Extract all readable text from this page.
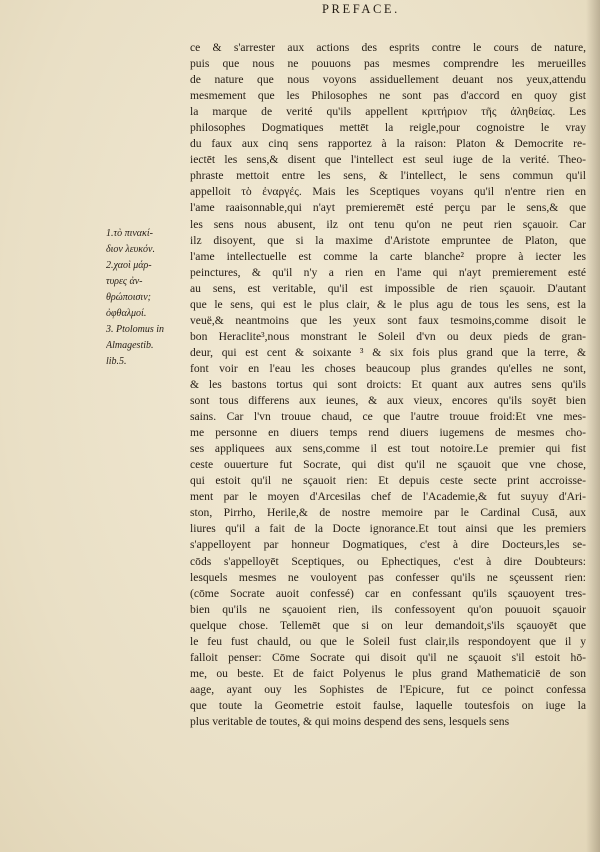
PREFACE.
ce & s'arrester aux actions des esprits contre le cours de nature,
puis que nous ne pouuons pas mesmes comprendre les merueilles
de nature que nous voyons assiduellement deuant nos yeux,attendu
mesmement que les Philosophes ne sont pas d'accord en quoy gist
la marque de verité qu'ils appellent κριτήριον τῆς ἀληθείας. Les
philosophes Dogmatiques mettēt la reigle,pour cognoistre le vray
du faux aux cinq sens rapportez à la raison: Platon & Democrite re-
iectēt les sens,& disent que l'intellect est seul iuge de la verité. Theo-
phraste mettoit entre les sens, & l'intellect, le sens commun qu'il
appelloit τὸ ἐναργές. Mais les Sceptiques voyans qu'il n'entre rien en
l'ame raaisonnable,qui n'ayt premieremēt esté perçu par le sens,& que
les sens nous abusent, ilz ont tenu qu'on ne peut rien sçauoir. Car
ilz disoyent, que si la maxime d'Aristote empruntee de Platon, que
l'ame intellectuelle est comme la carte blanche² propre à iecter les
peinctures, & qu'il n'y a rien en l'ame qui n'ayt premierement esté
au sens, est veritable, qu'il est impossible de rien sçauoir. D'autant
que le sens, qui est le plus clair, & le plus agu de tous les sens, est la
veuë,& neantmoins que les yeux sont faux tesmoins,comme disoit le
bon Heraclite³,nous monstrant le Soleil d'vn ou deux pieds de gran-
deur, qui est cent & soixante ³ & six fois plus grand que la terre, &
font voir en l'eau les choses beaucoup plus grandes qu'elles ne sont,
& les bastons tortus qui sont droicts: Et quant aux autres sens qu'ils
sont tous differens aux ieunes, & aux vieux, encores qu'ils soyēt bien
sains. Car l'vn trouue chaud, ce que l'autre trouue froid:Et vne mes-
me personne en diuers temps rend diuers iugemens de mesmes cho-
ses appliquees aux sens,comme il est tout notoire.Le premier qui fist
ceste ouuerture fut Socrate, qui dist qu'il ne sçauoit que vne chose,
qui estoit qu'il ne sçauoit rien: Et depuis ceste secte print accroisse-
ment par le moyen d'Arcesilas chef de l'Academie,& fut suyuy d'Ari-
ston, Pirrho, Herile,& de nostre memoire par le Cardinal Cusā, aux
liures qu'il a fait de la Docte ignorance.Et tout ainsi que les premiers
s'appelloyent par honneur Dogmatiques, c'est à dire Docteurs,les se-
cōds s'appelloyēt Sceptiques, ou Ephectiques, c'est à dire Doubteurs:
lesquels mesmes ne vouloyent pas confesser qu'ils ne sçeussent rien:
(cōme Socrate auoit confessé) car en confessant qu'ils sçauoyent tres-
bien qu'ils ne sçauoient rien, ils confessoyent qu'on pouuoit sçauoir
quelque chose. Tellemēt que si on leur demandoit,s'ils sçauoyēt que
le feu fust chauld, ou que le Soleil fust clair,ils respondoyent que il y
falloit penser: Cōme Socrate qui disoit qu'il ne sçauoit s'il estoit hō-
me, ou beste. Et de faict Polyenus le plus grand Mathematiciē de son
aage, ayant ouy les Sophistes de l'Epicure, fut ce poinct confessa
que toute la Geometrie estoit faulse, laquelle toutesfois on iuge la
plus veritable de toutes, & qui moins despend des sens, lesquels sens
1.τὸ πινακί-
διον λευκόν.
2.χαοὶ μάρ-
τυρες ἀν-
θρώποισιν;
ὀφθαλμοί.
3. Ptolomus in
Almagestib.
lib.5.
